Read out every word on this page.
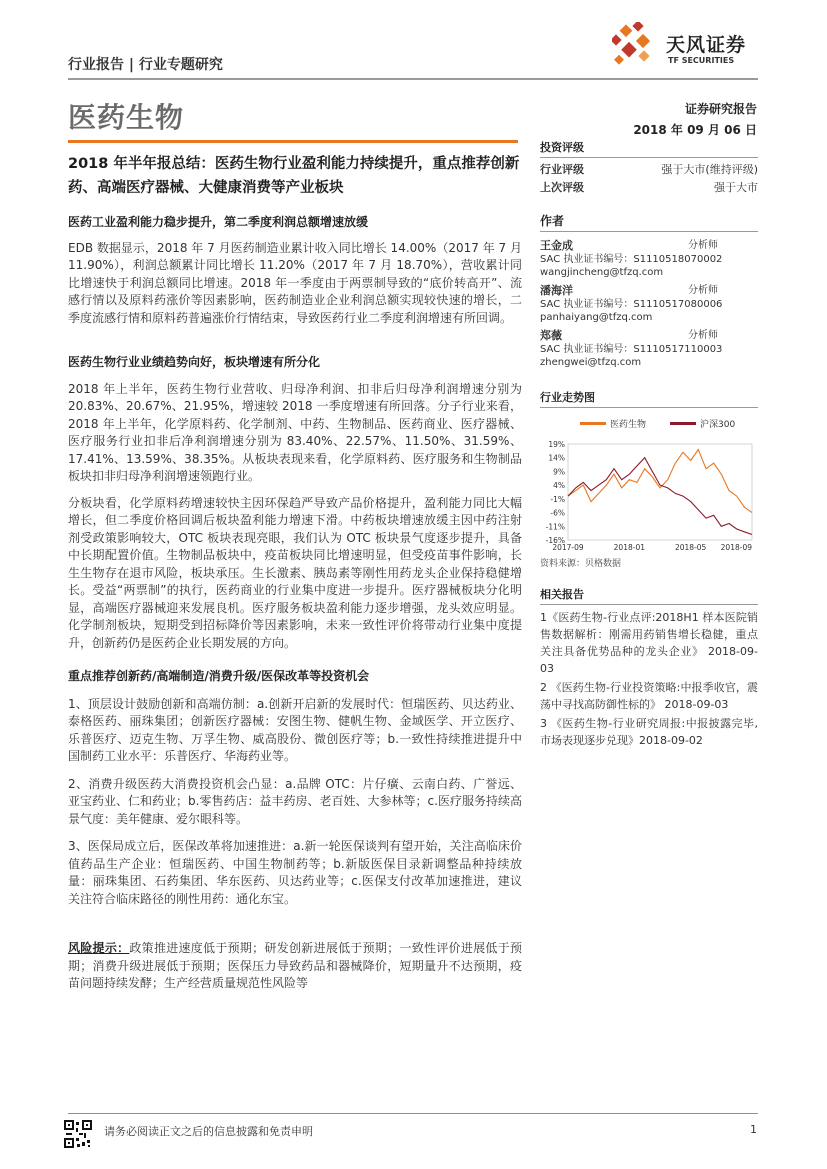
行业报告 | 行业专题研究
天风证券
TF SECURITIES
医药生物	证券研究报告
2018 年 09 月 06 日
2018 年半年报总结：医药生物行业盈利能力持续提升，重点推荐创新药、高端医疗器械、大健康消费等产业板块
医药工业盈利能力稳步提升，第二季度利润总额增速放缓

EDB 数据显示，2018 年 7 月医药制造业累计收入同比增长 14.00%（2017 年 7 月 11.90%），利润总额累计同比增长 11.20%（2017 年 7 月 18.70%），营收累计同比增速快于利润总额同比增速。2018 年一季度由于两票制导致的“底价转高开”、流感行情以及原料药涨价等因素影响，医药制造业企业利润总额实现较快速的增长，二季度流感行情和原料药普遍涨价行情结束，导致医药行业二季度利润增速有所回调。

医药生物行业业绩趋势向好，板块增速有所分化

2018 年上半年，医药生物行业营收、归母净利润、扣非后归母净利润增速分别为 20.83%、20.67%、21.95%，增速较 2018 一季度增速有所回落。分子行业来看，2018 年上半年，化学原料药、化学制剂、中药、生物制品、医药商业、医疗器械、医疗服务行业扣非后净利润增速分别为 83.40%、22.57%、11.50%、31.59%、17.41%、13.59%、38.35%。从板块表现来看，化学原料药、医疗服务和生物制品板块扣非归母净利润增速领跑行业。

分板块看，化学原料药增速较快主因环保趋严导致产品价格提升，盈利能力同比大幅增长，但二季度价格回调后板块盈利能力增速下滑。中药板块增速放缓主因中药注射剂受政策影响较大，OTC 板块表现亮眼，我们认为 OTC 板块景气度逐步提升，具备中长期配置价值。生物制品板块中，疫苗板块同比增速明显，但受疫苗事件影响，长生生物存在退市风险，板块承压。生长激素、胰岛素等刚性用药龙头企业保持稳健增长。受益“两票制”的执行，医药商业的行业集中度进一步提升。医疗器械板块分化明显，高端医疗器械迎来发展良机。医疗服务板块盈利能力逐步增强，龙头效应明显。化学制剂板块，短期受到招标降价等因素影响，未来一致性评价将带动行业集中度提升，创新药仍是医药企业长期发展的方向。

重点推荐创新药/高端制造/消费升级/医保改革等投资机会

1、顶层设计鼓励创新和高端仿制：a.创新开启新的发展时代：恒瑞医药、贝达药业、泰格医药、丽珠集团；创新医疗器械：安图生物、健帆生物、金域医学、开立医疗、乐普医疗、迈克生物、万孚生物、威高股份、微创医疗等；b.一致性持续推进提升中国制药工业水平：乐普医疗、华海药业等。

2、消费升级医药大消费投资机会凸显：a.品牌 OTC：片仔癀、云南白药、广誉远、亚宝药业、仁和药业；b.零售药店：益丰药房、老百姓、大参林等；c.医疗服务持续高景气度：美年健康、爱尔眼科等。

3、医保局成立后，医保改革将加速推进：a.新一轮医保谈判有望开始，关注高临床价值药品生产企业：恒瑞医药、中国生物制药等；b.新版医保目录新调整品种持续放量：丽珠集团、石药集团、华东医药、贝达药业等；c.医保支付改革加速推进，建议关注符合临床路径的刚性用药：通化东宝。

风险提示：政策推进速度低于预期；研发创新进展低于预期；一致性评价进展低于预期；消费升级进展低于预期；医保压力导致药品和器械降价，短期量升不达预期，疫苗问题持续发酵；生产经营质量规范性风险等

投资评级
行业评级	强于大市(维持评级)
上次评级	强于大市
作者
王金成	分析师
SAC 执业证书编号：S1110518070002
wangjincheng@tfzq.com
潘海洋	分析师
SAC 执业证书编号：S1110517080006
panhaiyang@tfzq.com
郑薇	分析师
SAC 执业证书编号：S1110517110003
zhengwei@tfzq.com
行业走势图
医药生物	沪深300
19%
14%
9%
4%
-1%
-6%
-11%
-16%
2017-09	2018-01	2018-05 2018-09
资料来源：贝格数据
相关报告
1《医药生物-行业点评:2018H1 样本医院销售数据解析：刚需用药销售增长稳健，重点关注具备优势品种的龙头企业》 2018-09-03
2 《医药生物-行业投资策略:中报季收官，震荡中寻找高防御性标的》 2018-09-03
3 《医药生物-行业研究周报:中报披露完毕,市场表现逐步兑现》2018-09-02
请务必阅读正文之后的信息披露和免责申明	1
